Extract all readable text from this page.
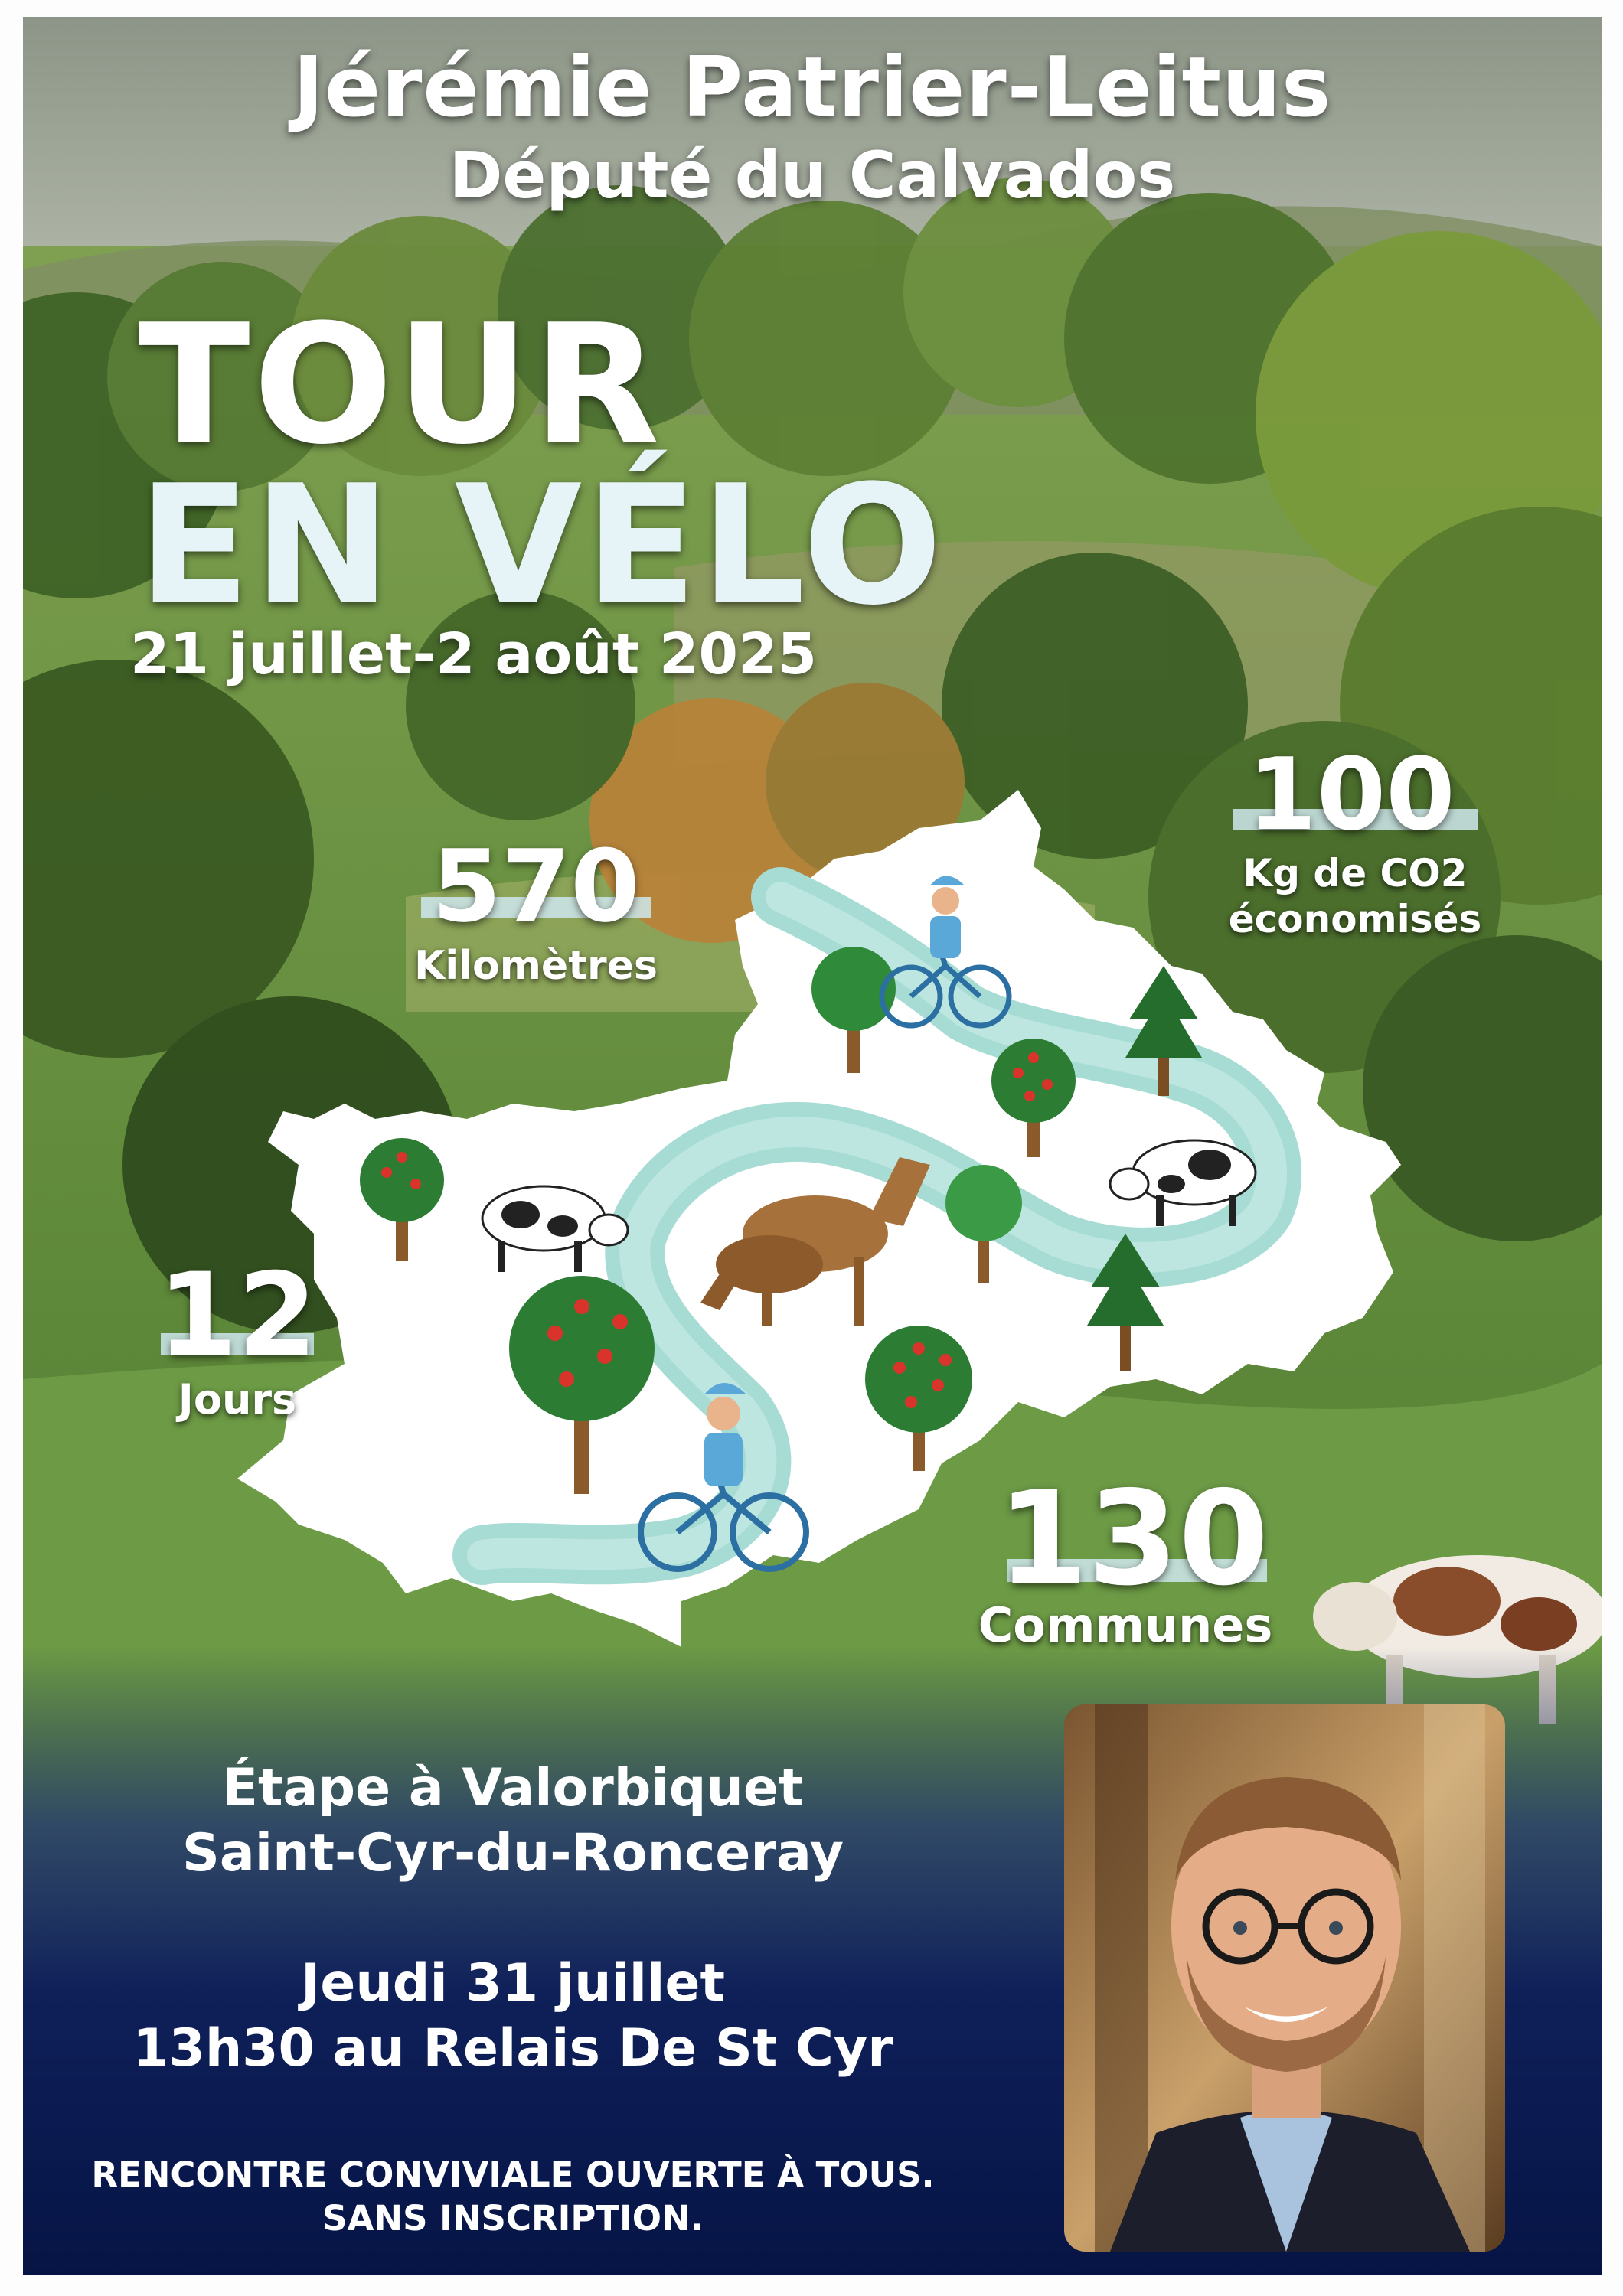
Jérémie Patrier-Leitus
Député du Calvados
TOUR
EN VÉLO
21 juillet-2 août 2025
570
Kilomètres
100
Kg de CO2
économisés
12
Jours
130
Communes
Étape à Valorbiquet
Saint-Cyr-du-Ronceray
Jeudi 31 juillet
13h30 au Relais De St Cyr
RENCONTRE CONVIVIALE OUVERTE À TOUS.
SANS INSCRIPTION.
